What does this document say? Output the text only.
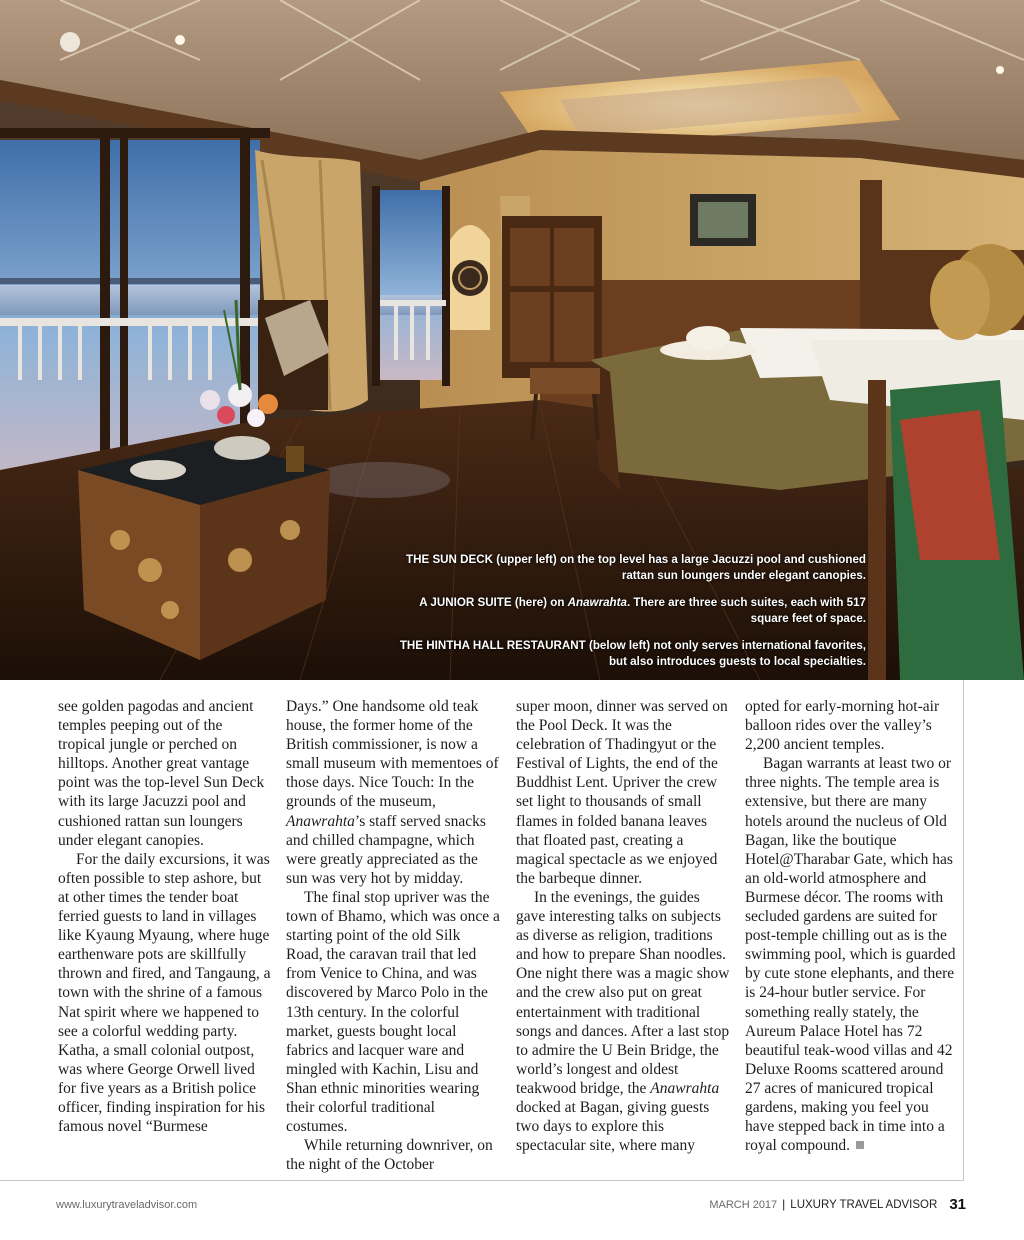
THE SUN DECK (upper left) on the top level has a large Jacuzzi pool and cushioned rattan sun loungers under elegant canopies.

A JUNIOR SUITE (here) on Anawrahta. There are three such suites, each with 517 square feet of space.

THE HINTHA HALL RESTAURANT (below left) not only serves international favorites, but also introduces guests to local specialties.

see golden pagodas and ancient temples peeping out of the tropical jungle or perched on hilltops. Another great vantage point was the top-level Sun Deck with its large Jacuzzi pool and cushioned rattan sun loungers under elegant canopies.

For the daily excursions, it was often possible to step ashore, but at other times the tender boat ferried guests to land in villages like Kyaung Myaung, where huge earthenware pots are skillfully thrown and fired, and Tangaung, a town with the shrine of a famous Nat spirit where we happened to see a colorful wedding party. Katha, a small colonial outpost, was where George Orwell lived for five years as a British police officer, finding inspiration for his famous novel “Burmese

Days.” One handsome old teak house, the former home of the British commissioner, is now a small museum with mementoes of those days. Nice Touch: In the grounds of the museum, Anawrahta’s staff served snacks and chilled champagne, which were greatly appreciated as the sun was very hot by midday.

The final stop upriver was the town of Bhamo, which was once a starting point of the old Silk Road, the caravan trail that led from Venice to China, and was discovered by Marco Polo in the 13th century. In the colorful market, guests bought local fabrics and lacquer ware and mingled with Kachin, Lisu and Shan ethnic minorities wearing their colorful traditional costumes.

While returning downriver, on the night of the October

super moon, dinner was served on the Pool Deck. It was the celebration of Thadingyut or the Festival of Lights, the end of the Buddhist Lent. Upriver the crew set light to thousands of small flames in folded banana leaves that floated past, creating a magical spectacle as we enjoyed the barbeque dinner.

In the evenings, the guides gave interesting talks on subjects as diverse as religion, traditions and how to prepare Shan noodles. One night there was a magic show and the crew also put on great entertainment with traditional songs and dances. After a last stop to admire the U Bein Bridge, the world’s longest and oldest teakwood bridge, the Anawrahta docked at Bagan, giving guests two days to explore this spectacular site, where many

opted for early-morning hot-air balloon rides over the valley’s 2,200 ancient temples.

Bagan warrants at least two or three nights. The temple area is extensive, but there are many hotels around the nucleus of Old Bagan, like the boutique Hotel@Tharabar Gate, which has an old-world atmosphere and Burmese décor. The rooms with secluded gardens are suited for post-temple chilling out as is the swimming pool, which is guarded by cute stone elephants, and there is 24-hour butler service. For something really stately, the Aureum Palace Hotel has 72 beautiful teak-wood villas and 42 Deluxe Rooms scattered around 27 acres of manicured tropical gardens, making you feel you have stepped back in time into a royal compound.

www.luxurytraveladvisor.com	MARCH 2017 | LUXURY TRAVEL ADVISOR 31
